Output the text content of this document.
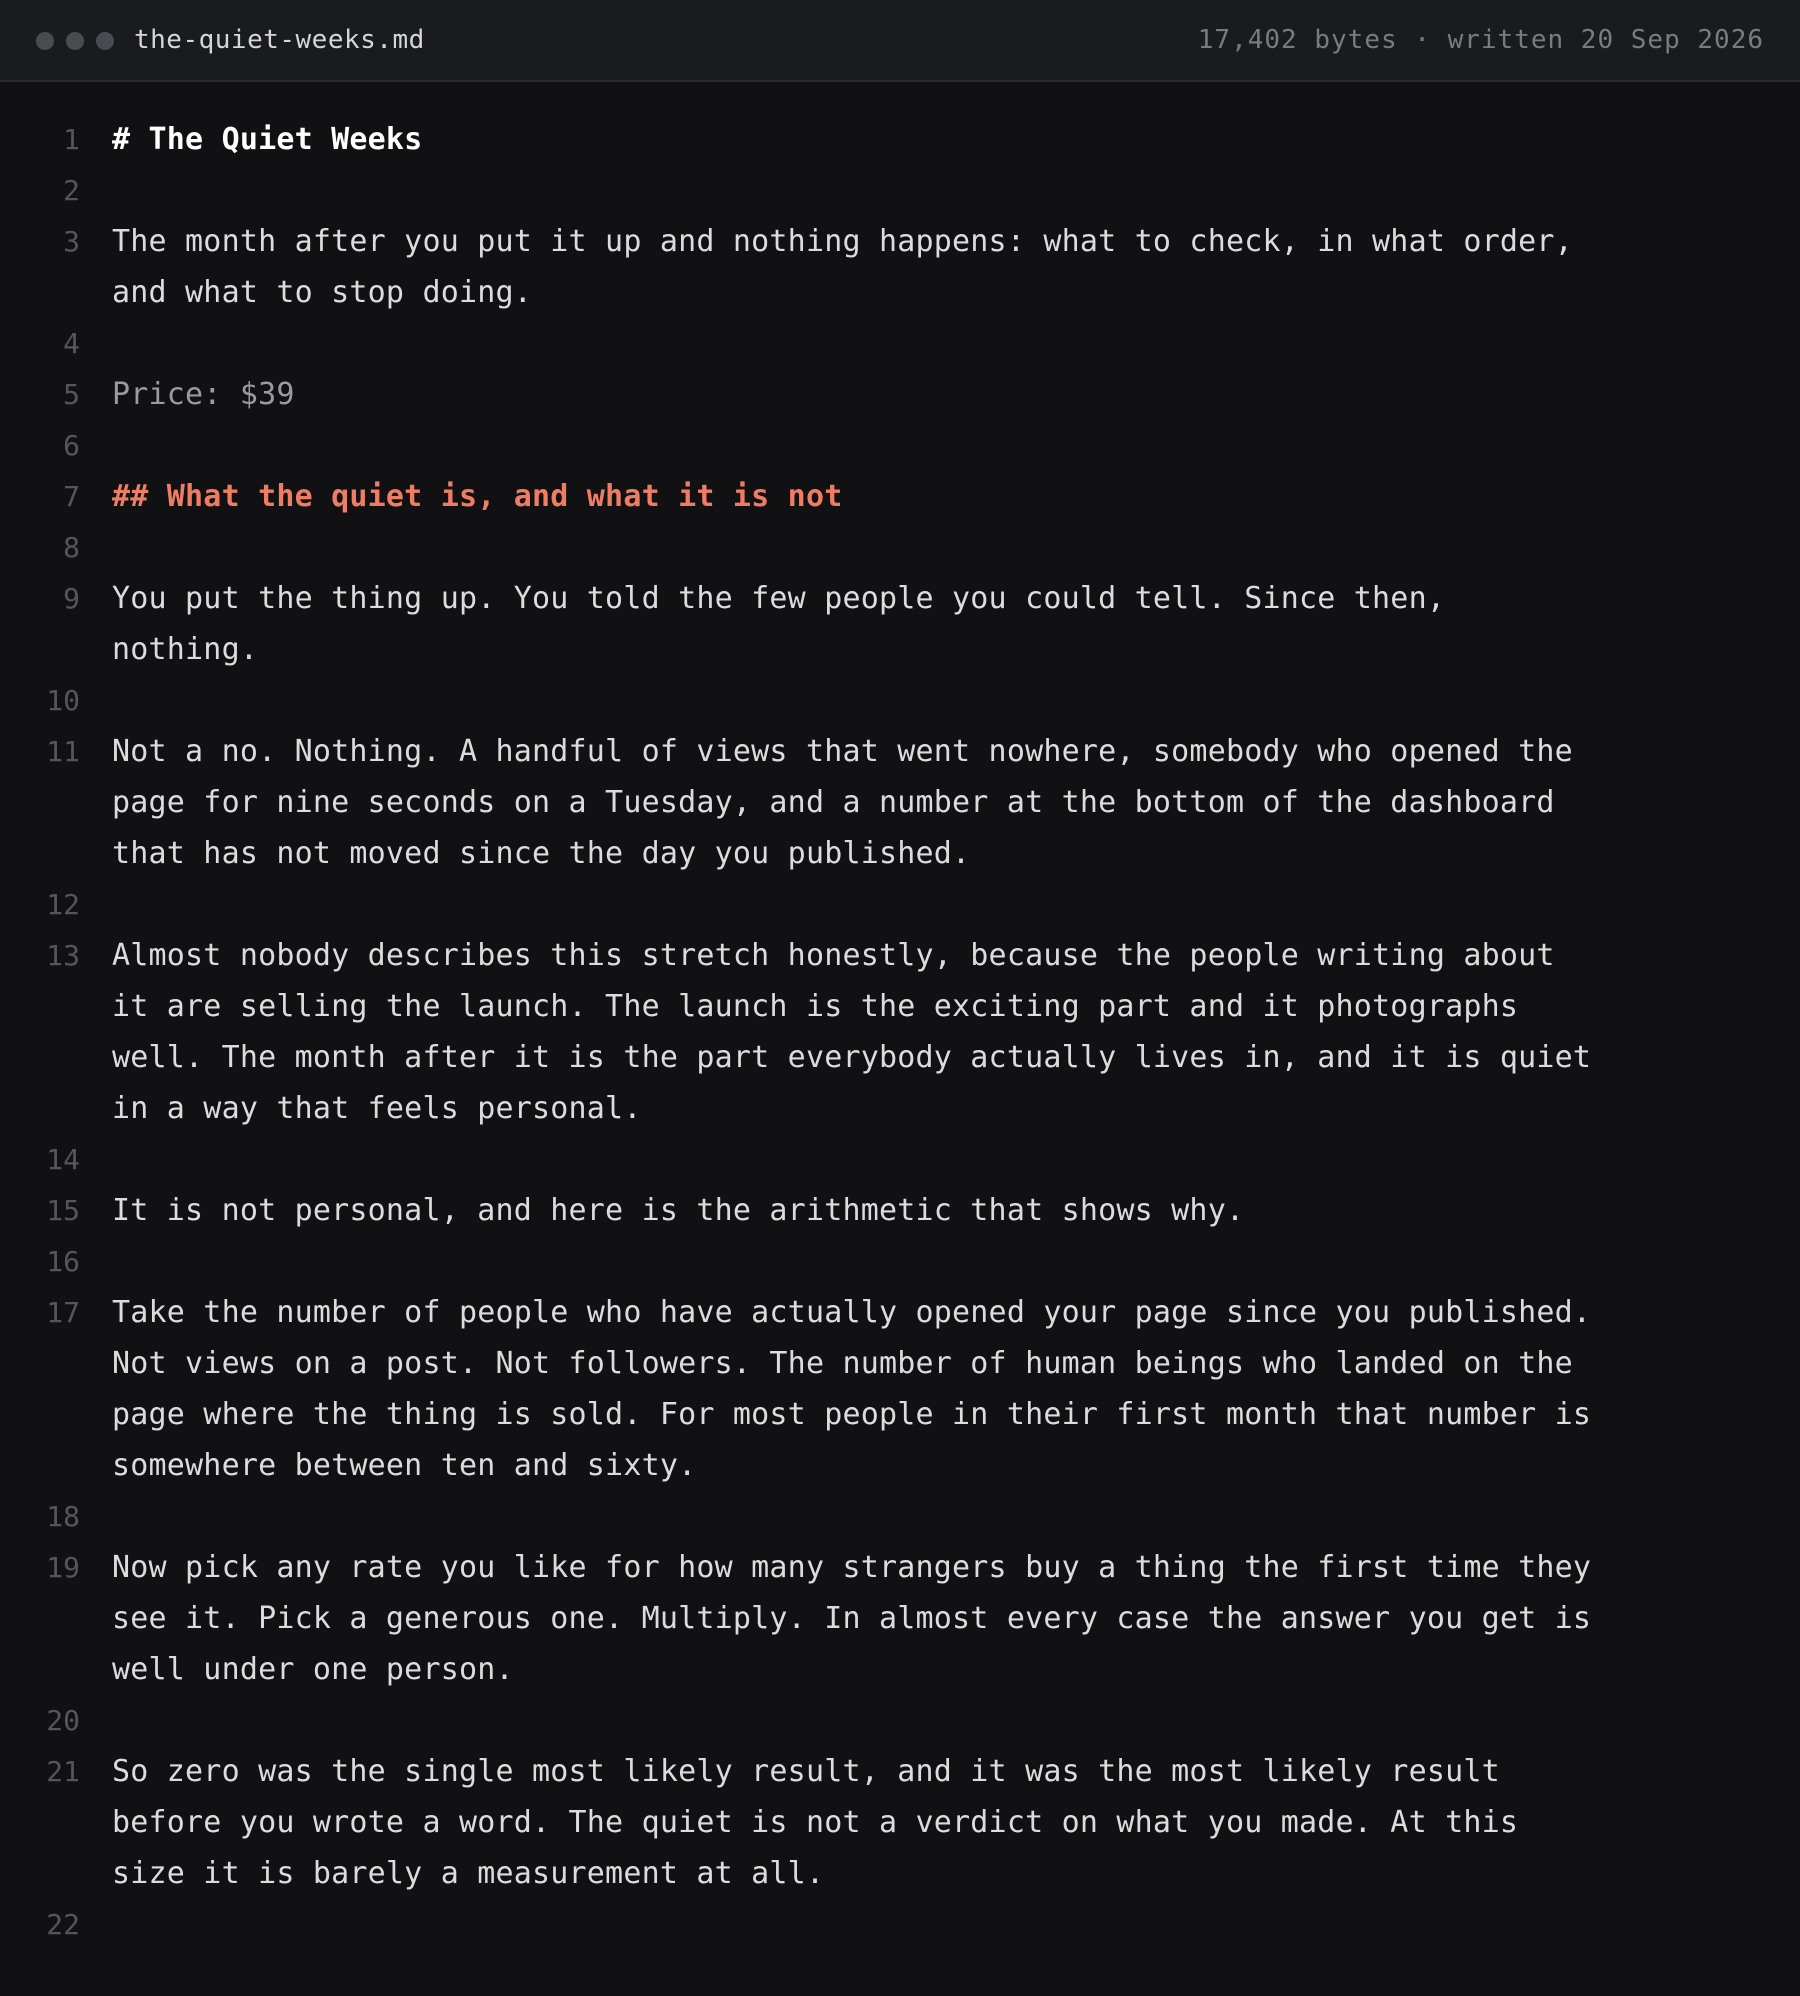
the-quiet-weeks.md	17,402 bytes · written 20 Sep 2026
1 # The Quiet Weeks
2
3 The month after you put it up and nothing happens: what to check, in what order, and what to stop doing.
4
5 Price: $39
6
7 ## What the quiet is, and what it is not
8
9 You put the thing up. You told the few people you could tell. Since then, nothing.
10
11 Not a no. Nothing. A handful of views that went nowhere, somebody who opened the page for nine seconds on a Tuesday, and a number at the bottom of the dashboard that has not moved since the day you published.
12
13 Almost nobody describes this stretch honestly, because the people writing about it are selling the launch. The launch is the exciting part and it photographs well. The month after it is the part everybody actually lives in, and it is quiet in a way that feels personal.
14
15 It is not personal, and here is the arithmetic that shows why.
16
17 Take the number of people who have actually opened your page since you published. Not views on a post. Not followers. The number of human beings who landed on the page where the thing is sold. For most people in their first month that number is somewhere between ten and sixty.
18
19 Now pick any rate you like for how many strangers buy a thing the first time they see it. Pick a generous one. Multiply. In almost every case the answer you get is well under one person.
20
21 So zero was the single most likely result, and it was the most likely result before you wrote a word. The quiet is not a verdict on what you made. At this size it is barely a measurement at all.
22
